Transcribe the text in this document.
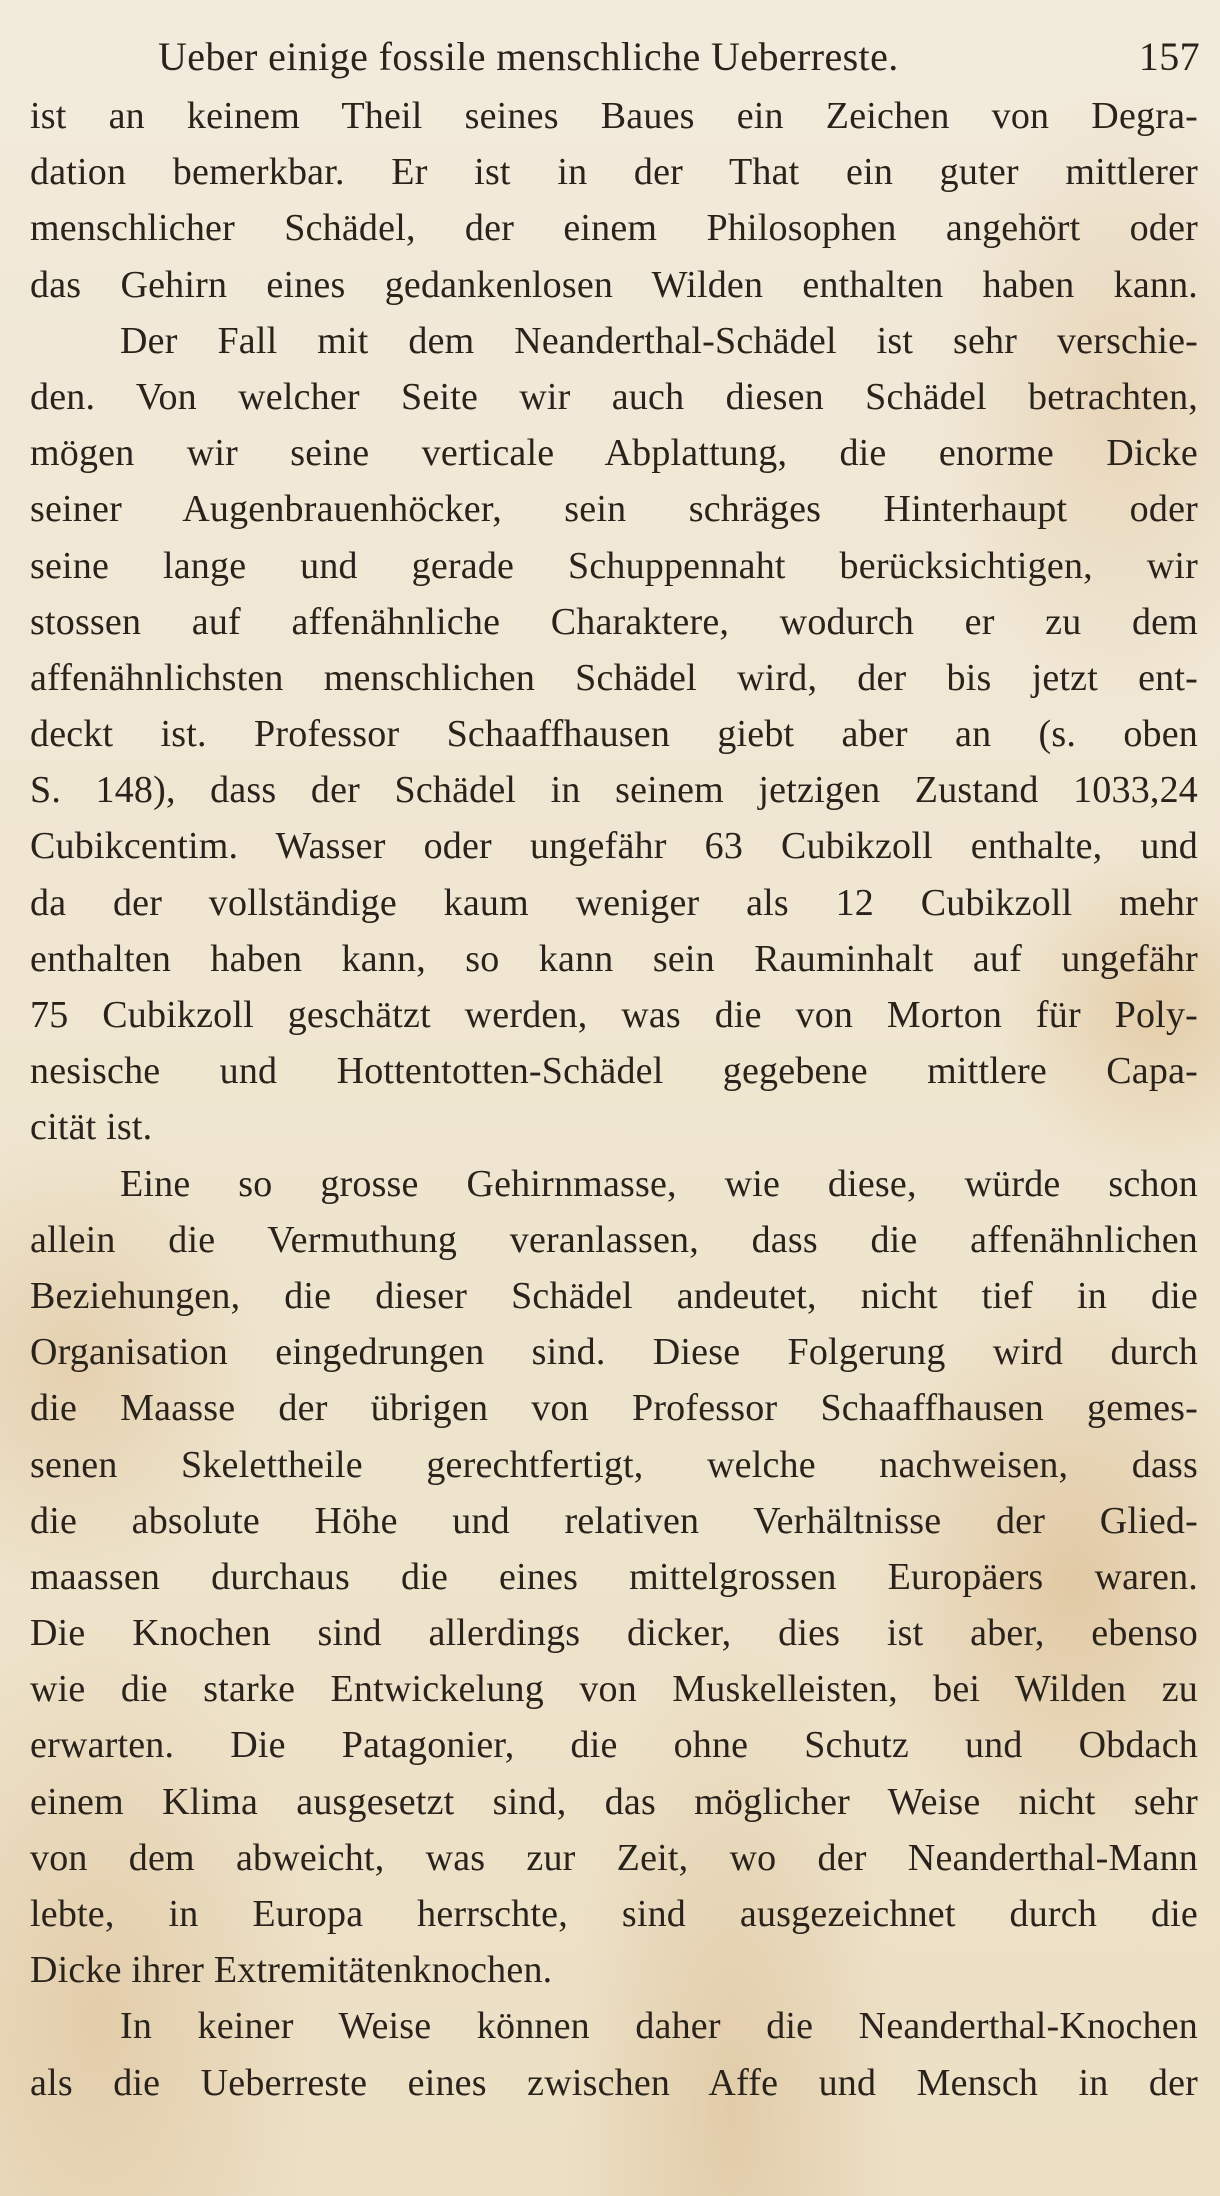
Ueber einige fossile menschliche Ueberreste.	157
ist an keinem Theil seines Baues ein Zeichen von Degra-
dation bemerkbar. Er ist in der That ein guter mittlerer
menschlicher Schädel, der einem Philosophen angehört oder
das Gehirn eines gedankenlosen Wilden enthalten haben kann.
Der Fall mit dem Neanderthal-Schädel ist sehr verschie-
den. Von welcher Seite wir auch diesen Schädel betrachten,
mögen wir seine verticale Abplattung, die enorme Dicke
seiner Augenbrauenhöcker, sein schräges Hinterhaupt oder
seine lange und gerade Schuppennaht berücksichtigen, wir
stossen auf affenähnliche Charaktere, wodurch er zu dem
affenähnlichsten menschlichen Schädel wird, der bis jetzt ent-
deckt ist. Professor Schaaffhausen giebt aber an (s. oben
S. 148), dass der Schädel in seinem jetzigen Zustand 1033,24
Cubikcentim. Wasser oder ungefähr 63 Cubikzoll enthalte, und
da der vollständige kaum weniger als 12 Cubikzoll mehr
enthalten haben kann, so kann sein Rauminhalt auf ungefähr
75 Cubikzoll geschätzt werden, was die von Morton für Poly-
nesische und Hottentotten-Schädel gegebene mittlere Capa-
cität ist.
Eine so grosse Gehirnmasse, wie diese, würde schon
allein die Vermuthung veranlassen, dass die affenähnlichen
Beziehungen, die dieser Schädel andeutet, nicht tief in die
Organisation eingedrungen sind. Diese Folgerung wird durch
die Maasse der übrigen von Professor Schaaffhausen gemes-
senen Skelettheile gerechtfertigt, welche nachweisen, dass
die absolute Höhe und relativen Verhältnisse der Glied-
maassen durchaus die eines mittelgrossen Europäers waren.
Die Knochen sind allerdings dicker, dies ist aber, ebenso
wie die starke Entwickelung von Muskelleisten, bei Wilden zu
erwarten. Die Patagonier, die ohne Schutz und Obdach
einem Klima ausgesetzt sind, das möglicher Weise nicht sehr
von dem abweicht, was zur Zeit, wo der Neanderthal-Mann
lebte, in Europa herrschte, sind ausgezeichnet durch die
Dicke ihrer Extremitätenknochen.
In keiner Weise können daher die Neanderthal-Knochen
als die Ueberreste eines zwischen Affe und Mensch in der
